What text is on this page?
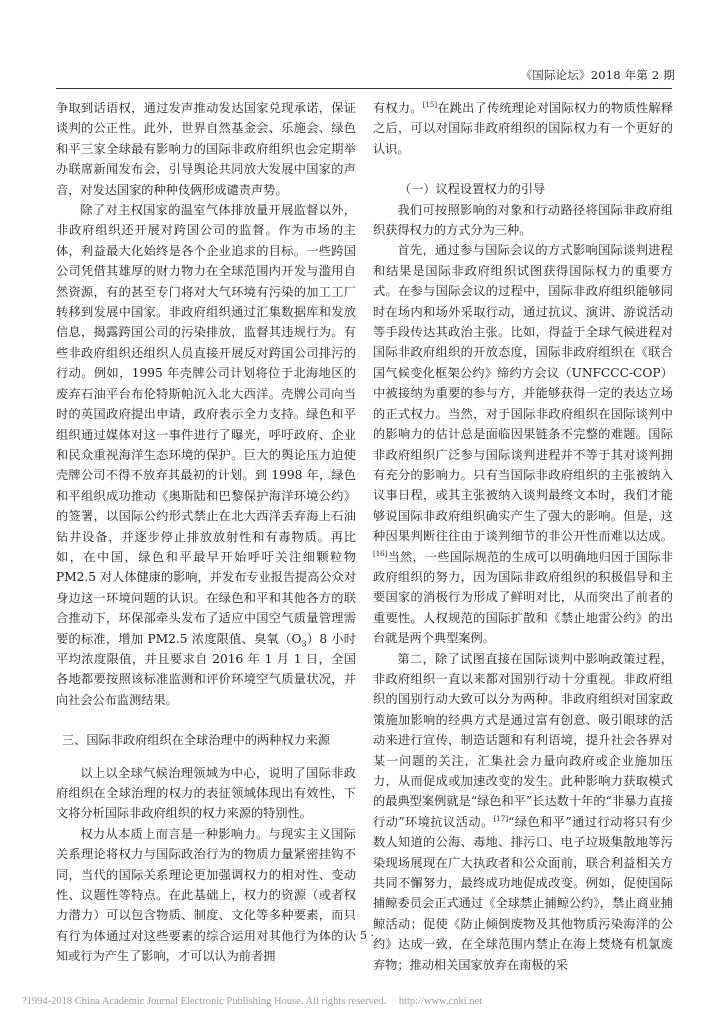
《国际论坛》2018 年第 2 期

争取到话语权，通过发声推动发达国家兑现承诺，保证谈判的公正性。此外，世界自然基金会、乐施会、绿色和平三家全球最有影响力的国际非政府组织也会定期举办联席新闻发布会，引导舆论共同放大发展中国家的声音，对发达国家的种种伎俩形成谴责声势。

除了对主权国家的温室气体排放量开展监督以外，非政府组织还开展对跨国公司的监督。作为市场的主体，利益最大化始终是各个企业追求的目标。一些跨国公司凭借其雄厚的财力物力在全球范围内开发与滥用自然资源，有的甚至专门将对大气环境有污染的加工工厂转移到发展中国家。非政府组织通过汇集数据库和发放信息，揭露跨国公司的污染排放，监督其违规行为。有些非政府组织还组织人员直接开展反对跨国公司排污的行动。例如，1995 年壳牌公司计划将位于北海地区的废弃石油平台布伦特斯帕沉入北大西洋。壳牌公司向当时的英国政府提出申请，政府表示全力支持。绿色和平组织通过媒体对这一事件进行了曝光，呼吁政府、企业和民众重视海洋生态环境的保护。巨大的舆论压力迫使壳牌公司不得不放弃其最初的计划。到 1998 年，绿色和平组织成功推动《奥斯陆和巴黎保护海洋环境公约》的签署，以国际公约形式禁止在北大西洋丢弃海上石油钻井设备，并逐步停止排放放射性和有毒物质。再比如，在中国，绿色和平最早开始呼吁关注细颗粒物 PM2.5 对人体健康的影响，并发布专业报告提高公众对身边这一环境问题的认识。在绿色和平和其他各方的联合推动下，环保部牵头发布了适应中国空气质量管理需要的标准，增加 PM2.5 浓度限值、臭氧$(O_3)8$ 小时平均浓度限值，并且要求自 2016 年 1 月 1 日，全国各地都要按照该标准监测和评价环境空气质量状况，并向社会公布监测结果。

三、国际非政府组织在全球治理中的两种权力来源

以上以全球气候治理领域为中心，说明了国际非政府组织在全球治理的权力的表征领域体现出有效性，下文将分析国际非政府组织的权力来源的特别性。

权力从本质上而言是一种影响力。与现实主义国际关系理论将权力与国际政治行为的物质力量紧密挂钩不同，当代的国际关系理论更加强调权力的相对性、变动性、议题性等特点。在此基础上，权力的资源（或者权力潜力）可以包含物质、制度、文化等多种要素，而只有行为体通过对这些要素的综合运用对其他行为体的认知或行为产生了影响，才可以认为前者拥

有权力。[15]在跳出了传统理论对国际权力的物质性解释之后，可以对国际非政府组织的国际权力有一个更好的认识。

（一）议程设置权力的引导

我们可按照影响的对象和行动路径将国际非政府组织获得权力的方式分为三种。

首先，通过参与国际会议的方式影响国际谈判进程和结果是国际非政府组织试图获得国际权力的重要方式。在参与国际会议的过程中，国际非政府组织能够同时在场内和场外采取行动，通过抗议、演讲、游说活动等手段传达其政治主张。比如，得益于全球气候进程对国际非政府组织的开放态度，国际非政府组织在《联合国气候变化框架公约》缔约方会议（UNFCCC-COP）中被接纳为重要的参与方，并能够获得一定的表达立场的正式权力。当然，对于国际非政府组织在国际谈判中的影响力的估计总是面临因果链条不完整的难题。国际非政府组织广泛参与国际谈判进程并不等于其对谈判拥有充分的影响力。只有当国际非政府组织的主张被纳入议事日程，或其主张被纳入谈判最终文本时，我们才能够说国际非政府组织确实产生了强大的影响。但是，这种因果判断往往由于谈判细节的非公开性而难以达成。[16]当然，一些国际规范的生成可以明确地归因于国际非政府组织的努力，因为国际非政府组织的积极倡导和主要国家的消极行为形成了鲜明对比，从而突出了前者的重要性。人权规范的国际扩散和《禁止地雷公约》的出台就是两个典型案例。

第二，除了试图直接在国际谈判中影响政策过程，非政府组织一直以来都对国别行动十分重视。非政府组织的国别行动大致可以分为两种。非政府组织对国家政策施加影响的经典方式是通过富有创意、吸引眼球的活动来进行宣传，制造话题和有利语境，提升社会各界对某一问题的关注，汇集社会力量向政府或企业施加压力，从而促成或加速改变的发生。此种影响力获取模式的最典型案例就是“绿色和平”长达数十年的“非暴力直接行动”环境抗议活动。[17]“绿色和平”通过行动将只有少数人知道的公海、毒地、排污口、电子垃圾集散地等污染现场展现在广大执政者和公众面前，联合利益相关方共同不懈努力，最终成功地促成改变。例如，促使国际捕鲸委员会正式通过《全球禁止捕鲸公约》，禁止商业捕鲸活动；促使《防止倾倒废物及其他物质污染海洋的公约》达成一致，在全球范围内禁止在海上焚烧有机氯废弃物；推动相关国家放弃在南极的采

· 5 ·
?1994-2018 China Academic Journal Electronic Publishing House. All rights reserved. http://www.cnki.net
